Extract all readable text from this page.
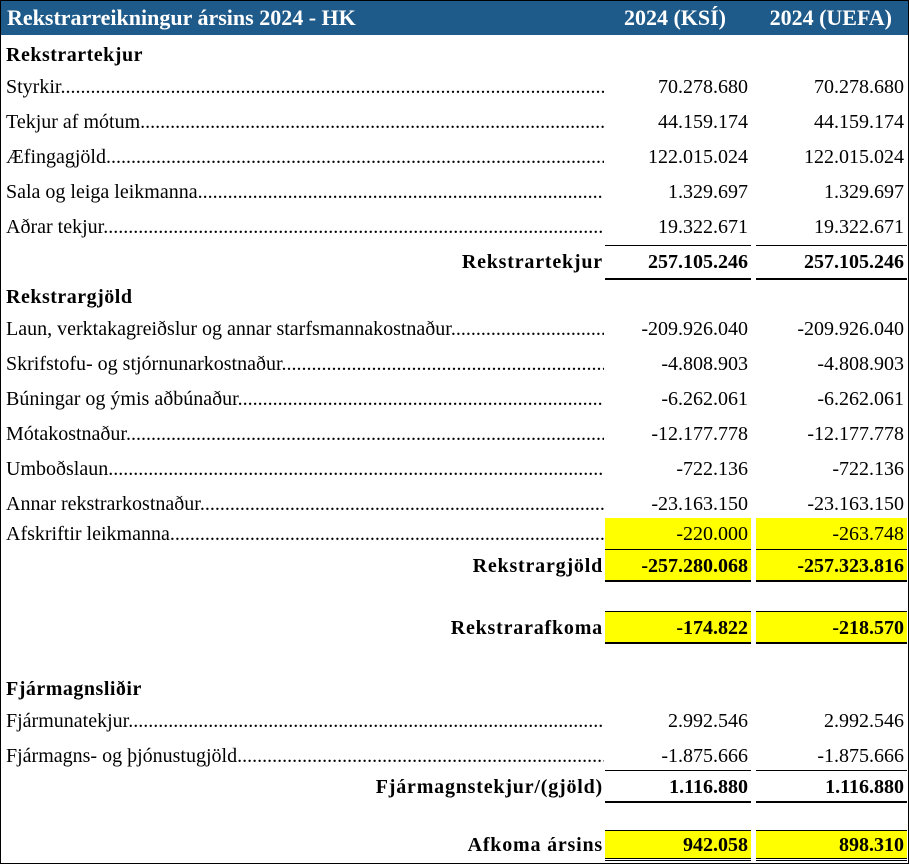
Rekstrarreikningur ársins 2024 - HK	2024 (KSÍ) 2024 (UEFA)
Rekstrartekjur
Styrkir .....	70.278.680	70.278.680
Tekjur af mótum .....	44.159.174	44.159.174
Æfingagjöld .....	122.015.024	122.015.024
Sala og leiga leikmanna .....	1.329.697	1.329.697
Aðrar tekjur .....	19.322.671	19.322.671
Rekstrartekjur 257.105.246	257.105.246
Rekstrargjöld
Laun, verktakagreiðslur og annar starfsmannakostnaður .....	-209.926.040 -209.926.040
Skrifstofu- og stjórnunarkostnaður .....	-4.808.903	-4.808.903
Búningar og ýmis aðbúnaður .....	-6.262.061	-6.262.061
Mótakostnaður .....	-12.177.778	-12.177.778
Umboðslaun .....	-722.136	-722.136
Annar rekstrarkostnaður .....	-23.163.150	-23.163.150
Afskriftir leikmanna .....	-220.000	-263.748
Rekstrargjöld -257.280.068 -257.323.816
Rekstrarafkoma	-174.822	-218.570
Fjármagnsliðir
Fjármunatekjur .....	2.992.546	2.992.546
Fjármagns- og þjónustugjöld .....	-1.875.666	-1.875.666
Fjármagnstekjur/(gjöld)	1.116.880	1.116.880
Afkoma ársins	942.058	898.310
